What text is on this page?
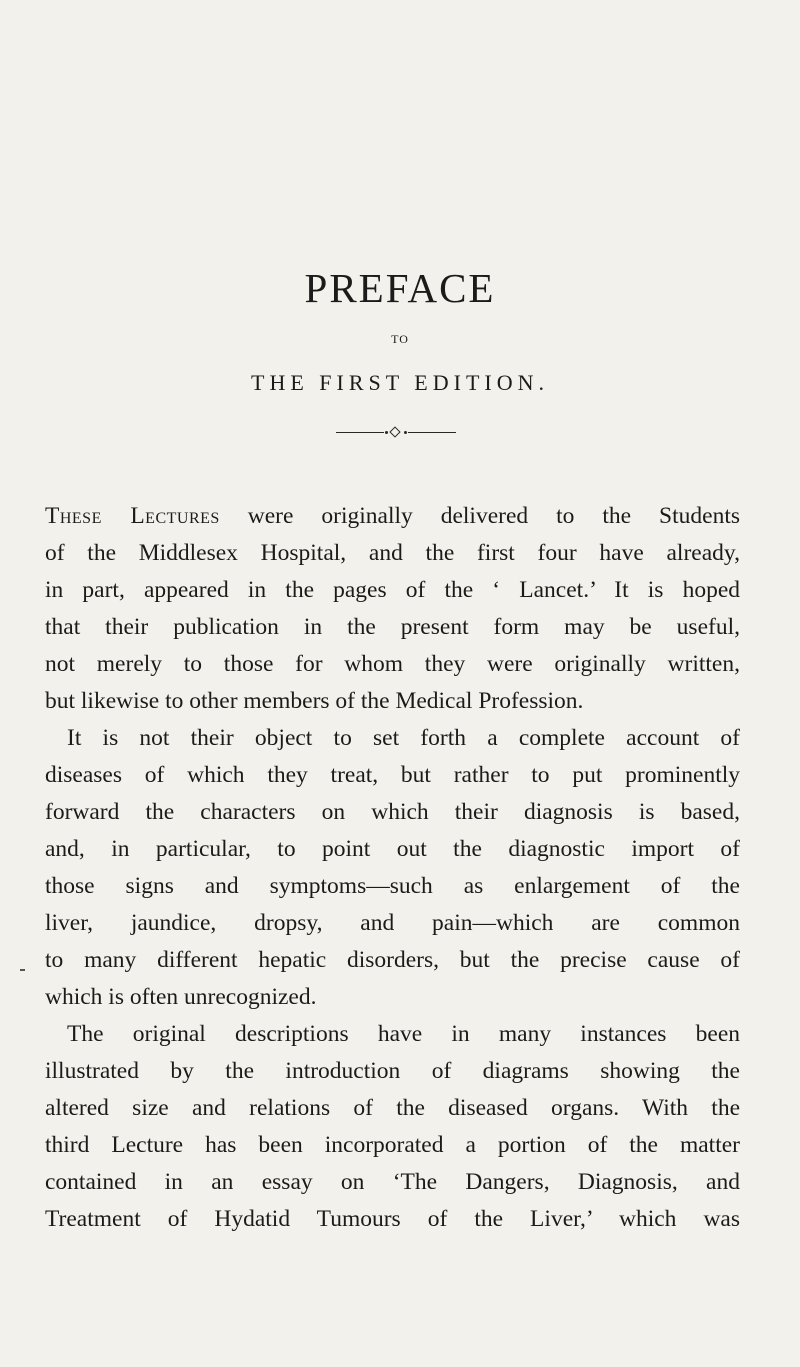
PREFACE
TO
THE FIRST EDITION.
These Lectures were originally delivered to the Students
of the Middlesex Hospital, and the first four have already,
in part, appeared in the pages of the ‘ Lancet.’ It is hoped
that their publication in the present form may be useful,
not merely to those for whom they were originally written,
but likewise to other members of the Medical Profession.
It is not their object to set forth a complete account of
diseases of which they treat, but rather to put prominently
forward the characters on which their diagnosis is based,
and, in particular, to point out the diagnostic import of
those signs and symptoms—such as enlargement of the
liver, jaundice, dropsy, and pain—which are common
to many different hepatic disorders, but the precise cause of
which is often unrecognized.
The original descriptions have in many instances been
illustrated by the introduction of diagrams showing the
altered size and relations of the diseased organs. With the
third Lecture has been incorporated a portion of the matter
contained in an essay on ‘The Dangers, Diagnosis, and
Treatment of Hydatid Tumours of the Liver,’ which was
